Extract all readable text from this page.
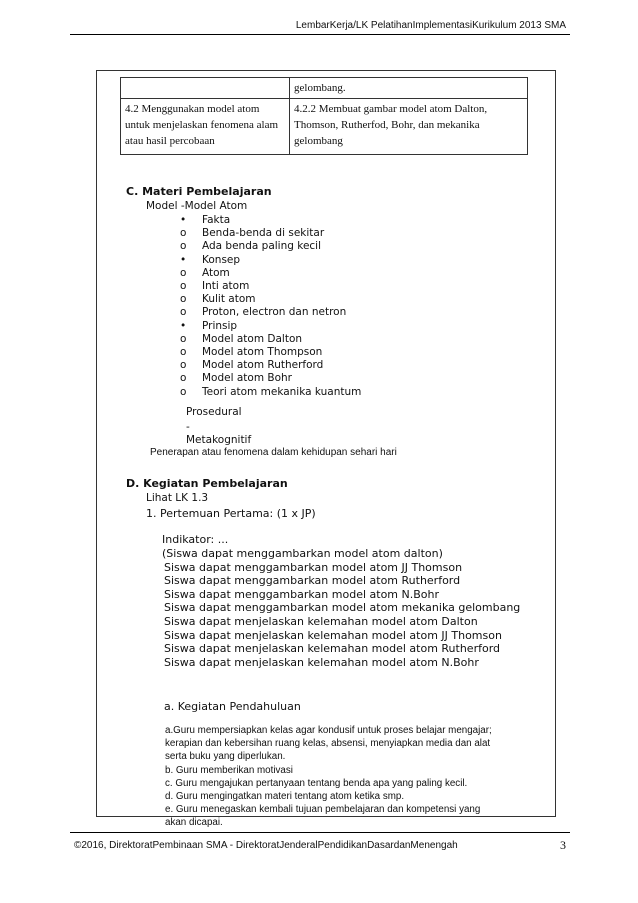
LembarKerja/LK PelatihanImplementasiKurikulum 2013 SMA
	gelombang.
4.2 Menggunakan model atom untuk menjelaskan fenomena alam atau hasil percobaan	4.2.2 Membuat gambar model atom Dalton, Thomson, Rutherfod, Bohr, dan mekanika gelombang
C. Materi Pembelajaran
Model -Model Atom
• Fakta
o Benda-benda di sekitar
o Ada benda paling kecil
• Konsep
o Atom
o Inti atom
o Kulit atom
o Proton, electron dan netron
• Prinsip
o Model atom Dalton
o Model atom Thompson
o Model atom Rutherford
o Model atom Bohr
o Teori atom mekanika kuantum
Prosedural
-
Metakognitif
Penerapan atau fenomena dalam kehidupan sehari hari
D. Kegiatan Pembelajaran
Lihat LK 1.3
1. Pertemuan Pertama: (1 x JP)
Indikator: ...
(Siswa dapat menggambarkan model atom dalton)
Siswa dapat menggambarkan model atom JJ Thomson
Siswa dapat menggambarkan model atom Rutherford
Siswa dapat menggambarkan model atom N.Bohr
Siswa dapat menggambarkan model atom mekanika gelombang
Siswa dapat menjelaskan kelemahan model atom Dalton
Siswa dapat menjelaskan kelemahan model atom JJ Thomson
Siswa dapat menjelaskan kelemahan model atom Rutherford
Siswa dapat menjelaskan kelemahan model atom N.Bohr
a. Kegiatan Pendahuluan
a.Guru mempersiapkan kelas agar kondusif untuk proses belajar mengajar;
kerapian dan kebersihan ruang kelas, absensi, menyiapkan media dan alat
serta buku yang diperlukan.
b. Guru memberikan motivasi
c. Guru mengajukan pertanyaan tentang benda apa yang paling kecil.
d. Guru mengingatkan materi tentang atom ketika smp.
e. Guru menegaskan kembali tujuan pembelajaran dan kompetensi yang
akan dicapai.
©2016, DirektoratPembinaan SMA - DirektoratJenderalPendidikanDasardanMenengah	3
